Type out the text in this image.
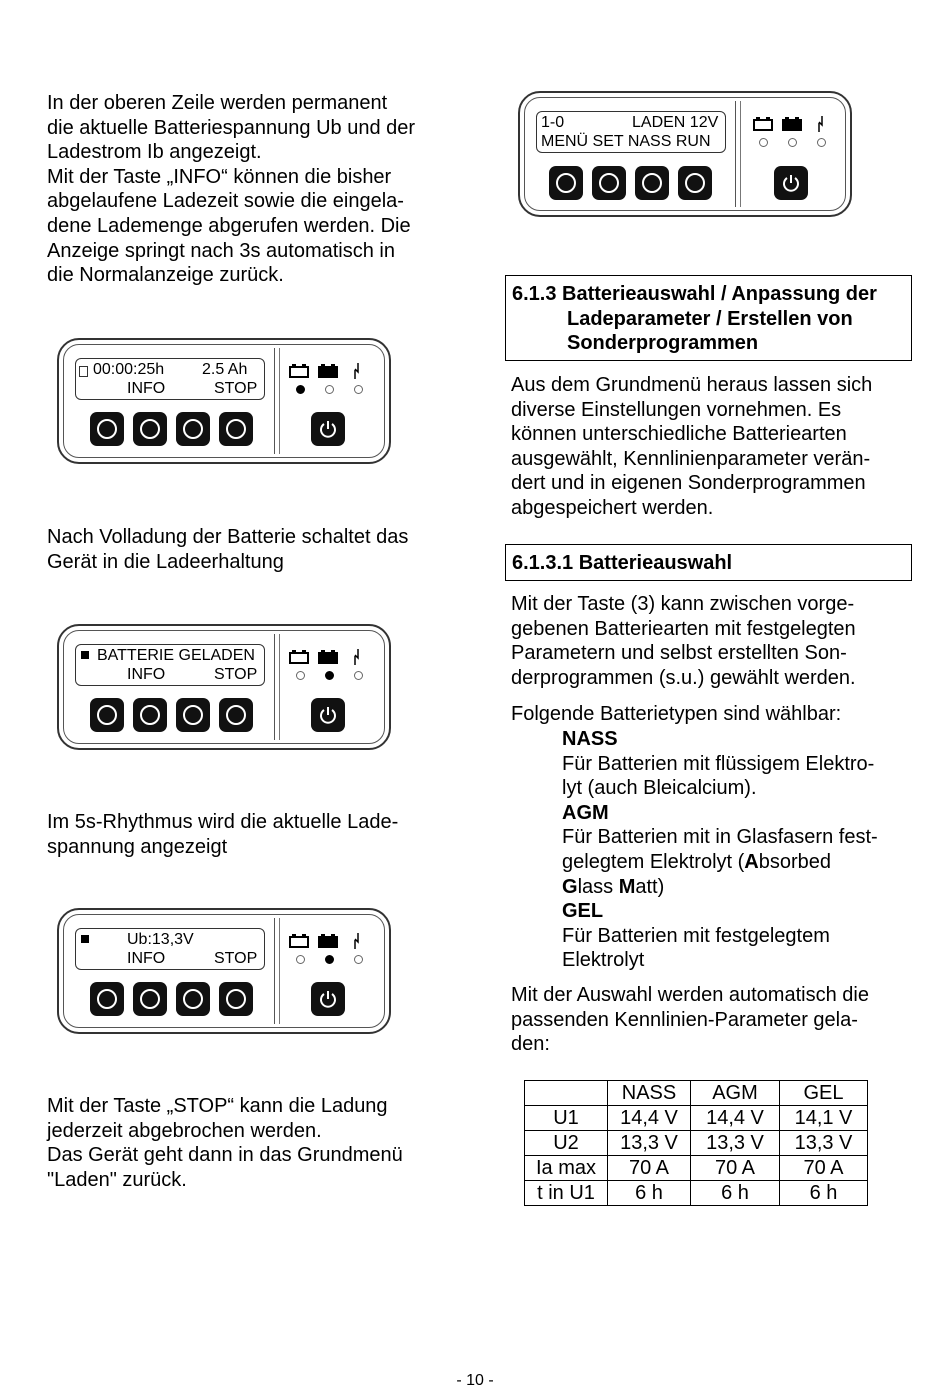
In der oberen Zeile werden permanent
die aktuelle Batteriespannung Ub und der
Ladestrom Ib angezeigt.
Mit der Taste „INFO“ können die bisher
abgelaufene Ladezeit sowie die eingela-
dene Lademenge abgerufen werden. Die
Anzeige springt nach 3s automatisch in
die Normalanzeige zurück.
00:00:25h 2.5 Ah
INFO	STOP
Nach Volladung der Batterie schaltet das
Gerät in die Ladeerhaltung
BATTERIE GELADEN
INFO	STOP
Im 5s-Rhythmus wird die aktuelle Lade-
spannung angezeigt
Ub:13,3V
INFO	STOP
Mit der Taste „STOP“ kann die Ladung
jederzeit abgebrochen werden.
Das Gerät geht dann in das Grundmenü
"Laden" zurück.
1-0	LADEN 12V
MENÜ SET NASS RUN
6.1.3 Batterieauswahl / Anpassung der
Ladeparameter / Erstellen von
Sonderprogrammen
Aus dem Grundmenü heraus lassen sich
diverse Einstellungen vornehmen. Es
können unterschiedliche Batteriearten
ausgewählt, Kennlinienparameter verän-
dert und in eigenen Sonderprogrammen
abgespeichert werden.
6.1.3.1 Batterieauswahl
Mit der Taste (3) kann zwischen vorge-
gebenen Batteriearten mit festgelegten
Parametern und selbst erstellten Son-
derprogrammen (s.u.) gewählt werden.
Folgende Batterietypen sind wählbar:
NASS
Für Batterien mit flüssigem Elektro-
lyt (auch Bleicalcium).
AGM
Für Batterien mit in Glasfasern fest-
gelegtem Elektrolyt (Absorbed
Glass Matt)
GEL
Für Batterien mit festgelegtem
Elektrolyt
Mit der Auswahl werden automatisch die
passenden Kennlinien-Parameter gela-
den:
	NASS	AGM	GEL
U1	14,4 V	14,4 V	14,1 V
U2	13,3 V	13,3 V	13,3 V
Ia max	70 A	70 A	70 A
t in U1	6 h	6 h	6 h
- 10 -
